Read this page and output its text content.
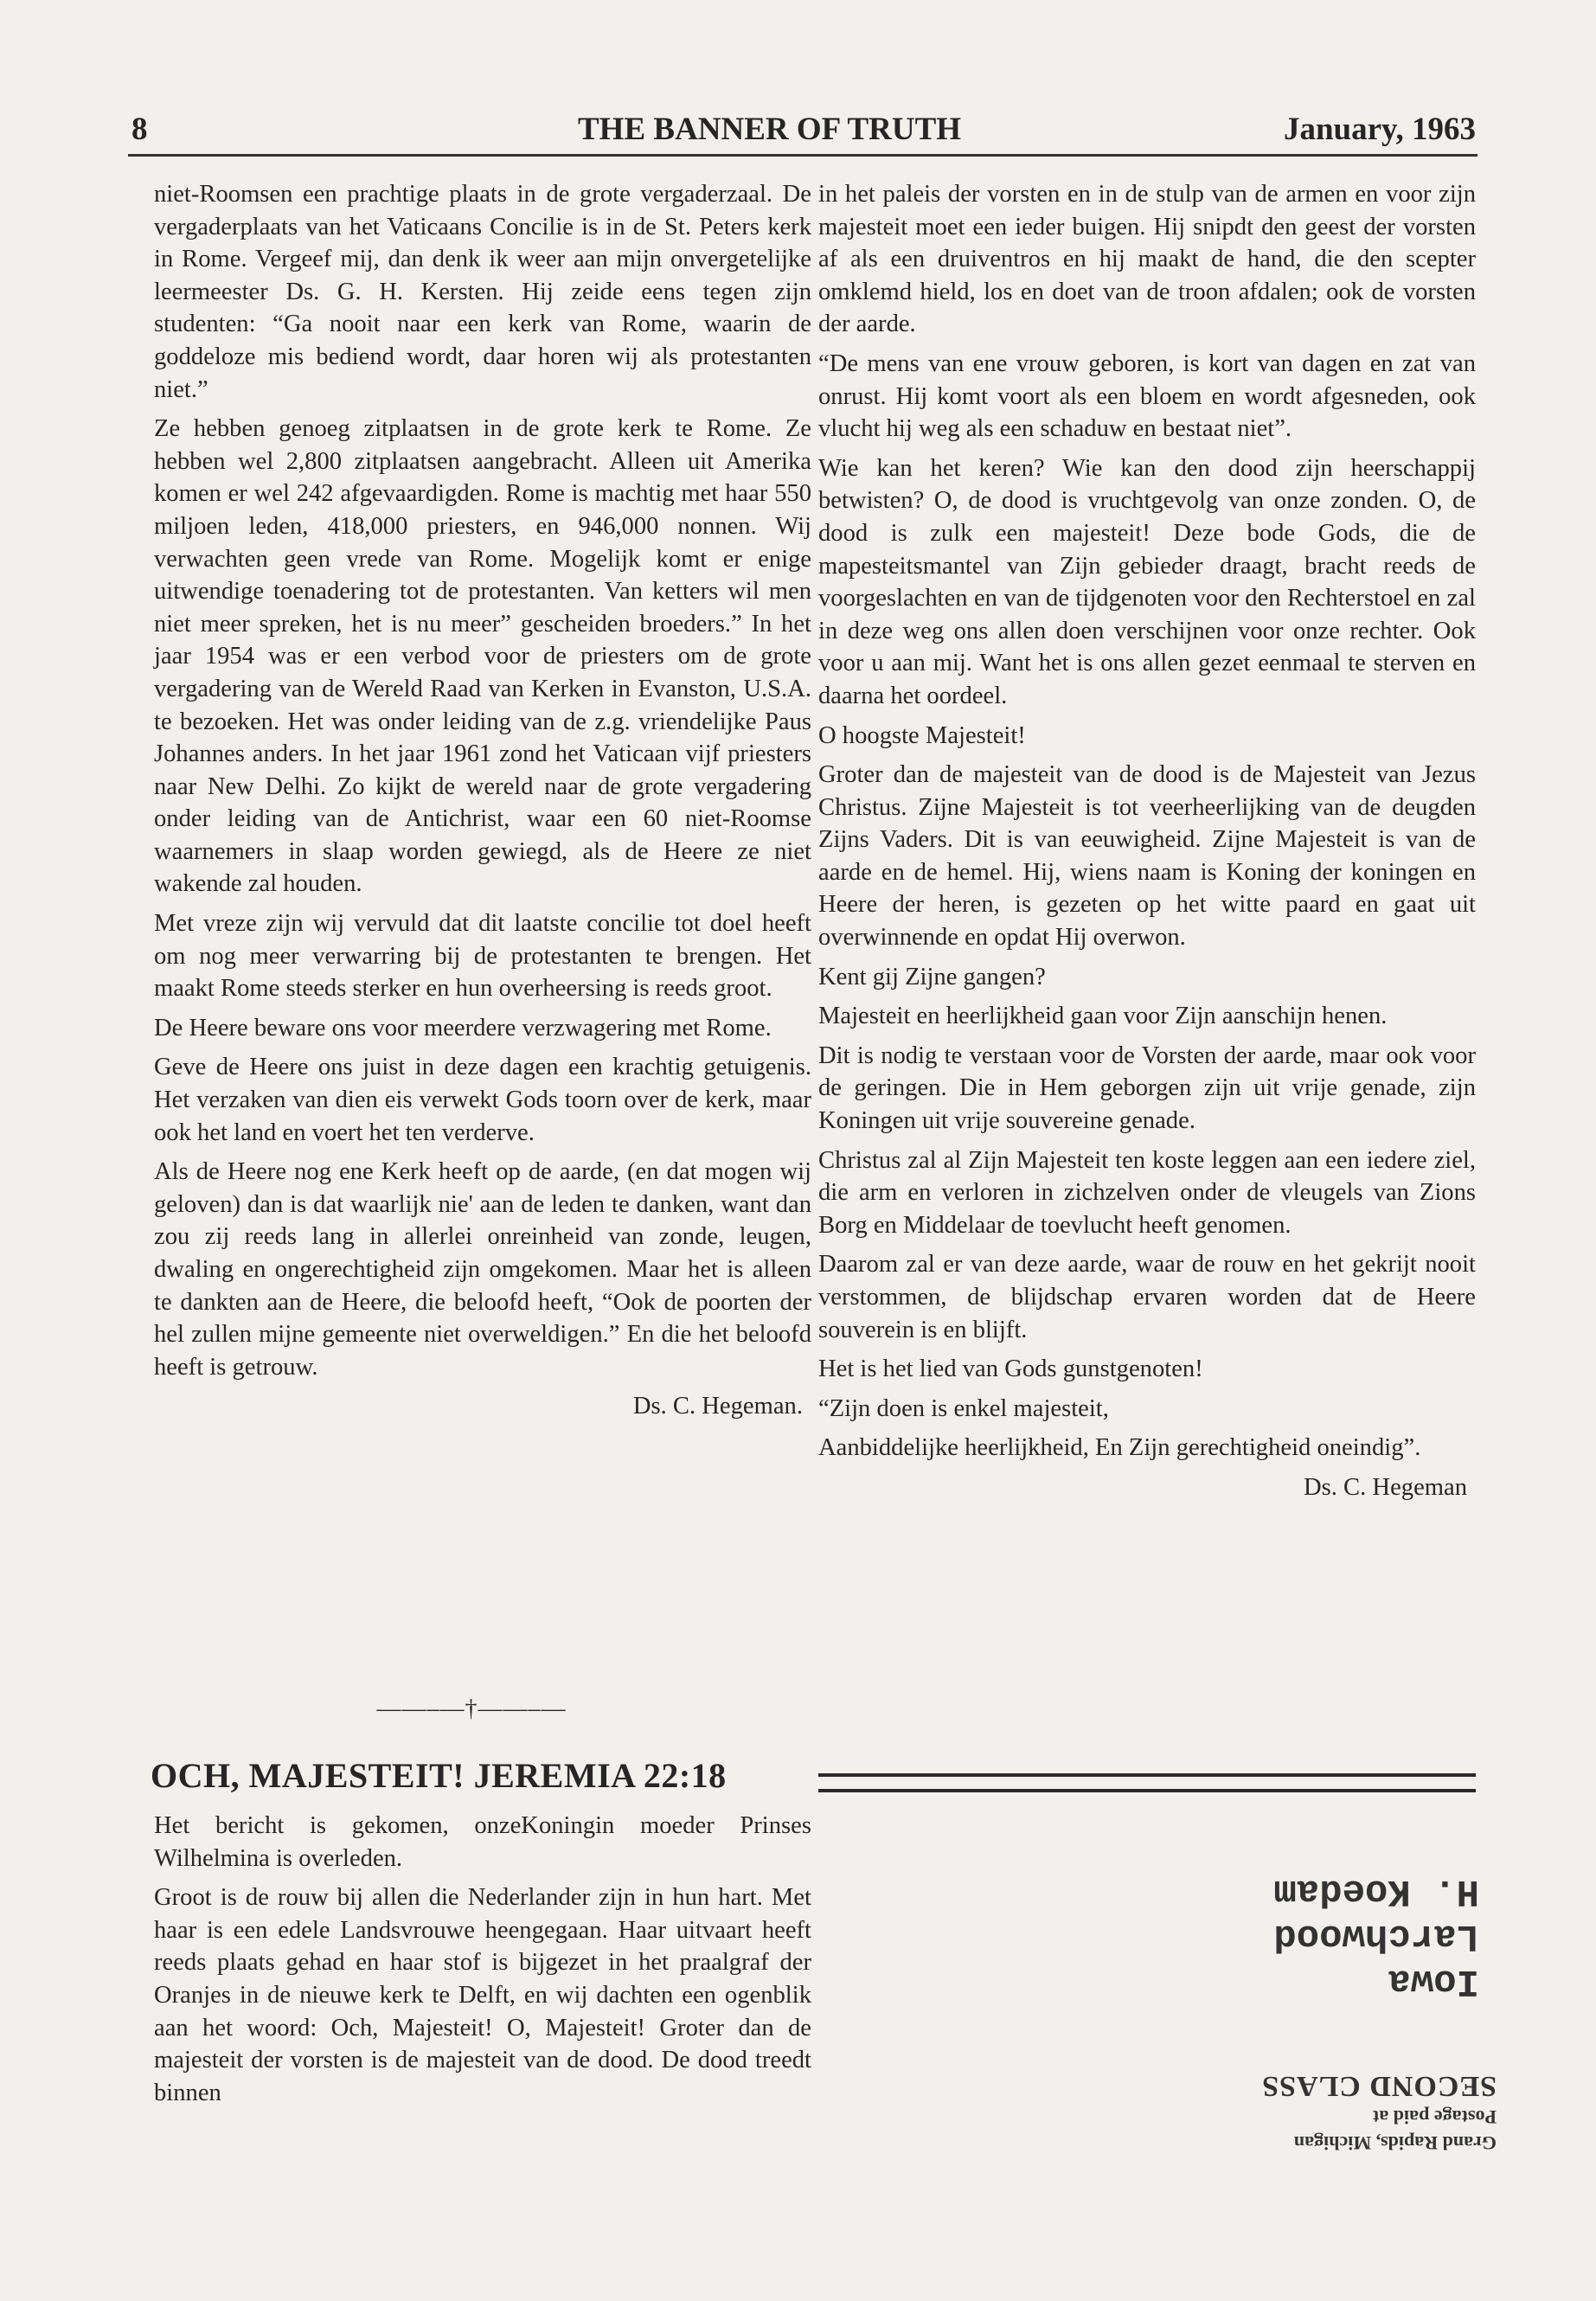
8	THE BANNER OF TRUTH	January, 1963

niet-Roomsen een prachtige plaats in de grote vergaderzaal. De vergaderplaats van het Vaticaans Concilie is in de St. Peters kerk in Rome. Vergeef mij, dan denk ik weer aan mijn onvergetelijke leermeester Ds. G. H. Kersten. Hij zeide eens tegen zijn studenten: “Ga nooit naar een kerk van Rome, waarin de goddeloze mis bediend wordt, daar horen wij als protestanten niet.”

Ze hebben genoeg zitplaatsen in de grote kerk te Rome. Ze hebben wel 2,800 zitplaatsen aangebracht. Alleen uit Amerika komen er wel 242 afgevaardigden. Rome is machtig met haar 550 miljoen leden, 418,000 priesters, en 946,000 nonnen. Wij verwachten geen vrede van Rome. Mogelijk komt er enige uitwendige toenadering tot de protestanten. Van ketters wil men niet meer spreken, het is nu meer” gescheiden broeders.” In het jaar 1954 was er een verbod voor de priesters om de grote vergadering van de Wereld Raad van Kerken in Evanston, U.S.A. te bezoeken. Het was onder leiding van de z.g. vriendelijke Paus Johannes anders. In het jaar 1961 zond het Vaticaan vijf priesters naar New Delhi. Zo kijkt de wereld naar de grote vergadering onder leiding van de Antichrist, waar een 60 niet-Roomse waarnemers in slaap worden gewiegd, als de Heere ze niet wakende zal houden.

Met vreze zijn wij vervuld dat dit laatste concilie tot doel heeft om nog meer verwarring bij de protestanten te brengen. Het maakt Rome steeds sterker en hun overheersing is reeds groot.

De Heere beware ons voor meerdere verzwagering met Rome.

Geve de Heere ons juist in deze dagen een krachtig getuigenis. Het verzaken van dien eis verwekt Gods toorn over de kerk, maar ook het land en voert het ten verderve.

Als de Heere nog ene Kerk heeft op de aarde, (en dat mogen wij geloven) dan is dat waarlijk nie' aan de leden te danken, want dan zou zij reeds lang in allerlei onreinheid van zonde, leugen, dwaling en ongerechtigheid zijn omgekomen. Maar het is alleen te dankten aan de Heere, die beloofd heeft, “Ook de poorten der hel zullen mijne gemeente niet overweldigen.” En die het beloofd heeft is getrouw.

Ds. C. Hegeman.

——–—†——–—
OCH, MAJESTEIT! JEREMIA 22:18

Het bericht is gekomen, onzeKoningin moeder Prinses Wilhelmina is overleden.

Groot is de rouw bij allen die Nederlander zijn in hun hart. Met haar is een edele Landsvrouwe heengegaan. Haar uitvaart heeft reeds plaats gehad en haar stof is bijgezet in het praalgraf der Oranjes in de nieuwe kerk te Delft, en wij dachten een ogenblik aan het woord: Och, Majesteit! O, Majesteit! Groter dan de majesteit der vorsten is de majesteit van de dood. De dood treedt binnen

in het paleis der vorsten en in de stulp van de armen en voor zijn majesteit moet een ieder buigen. Hij snipdt den geest der vorsten af als een druiventros en hij maakt de hand, die den scepter omklemd hield, los en doet van de troon afdalen; ook de vorsten der aarde.

“De mens van ene vrouw geboren, is kort van dagen en zat van onrust. Hij komt voort als een bloem en wordt afgesneden, ook vlucht hij weg als een schaduw en bestaat niet”.

Wie kan het keren? Wie kan den dood zijn heerschappij betwisten? O, de dood is vruchtgevolg van onze zonden. O, de dood is zulk een majesteit! Deze bode Gods, die de mapesteitsmantel van Zijn gebieder draagt, bracht reeds de voorgeslachten en van de tijdgenoten voor den Rechterstoel en zal in deze weg ons allen doen verschijnen voor onze rechter. Ook voor u aan mij. Want het is ons allen gezet eenmaal te sterven en daarna het oordeel.

O hoogste Majesteit!

Groter dan de majesteit van de dood is de Majesteit van Jezus Christus. Zijne Majesteit is tot veerheerlijking van de deugden Zijns Vaders. Dit is van eeuwigheid. Zijne Majesteit is van de aarde en de hemel. Hij, wiens naam is Koning der koningen en Heere der heren, is gezeten op het witte paard en gaat uit overwinnende en opdat Hij overwon.

Kent gij Zijne gangen?

Majesteit en heerlijkheid gaan voor Zijn aanschijn henen.

Dit is nodig te verstaan voor de Vorsten der aarde, maar ook voor de geringen. Die in Hem geborgen zijn uit vrije genade, zijn Koningen uit vrije souvereine genade.

Christus zal al Zijn Majesteit ten koste leggen aan een iedere ziel, die arm en verloren in zichzelven onder de vleugels van Zions Borg en Middelaar de toevlucht heeft genomen.

Daarom zal er van deze aarde, waar de rouw en het gekrijt nooit verstommen, de blijdschap ervaren worden dat de Heere souverein is en blijft.

Het is het lied van Gods gunstgenoten!

“Zijn doen is enkel majesteit,

Aanbiddelijke heerlijkheid, En Zijn gerechtigheid oneindig”.

Ds. C. Hegeman

Iowa
Larchwood
H. Koedam
Grand Rapids, Michigan
Postage paid at
SECOND CLASS
